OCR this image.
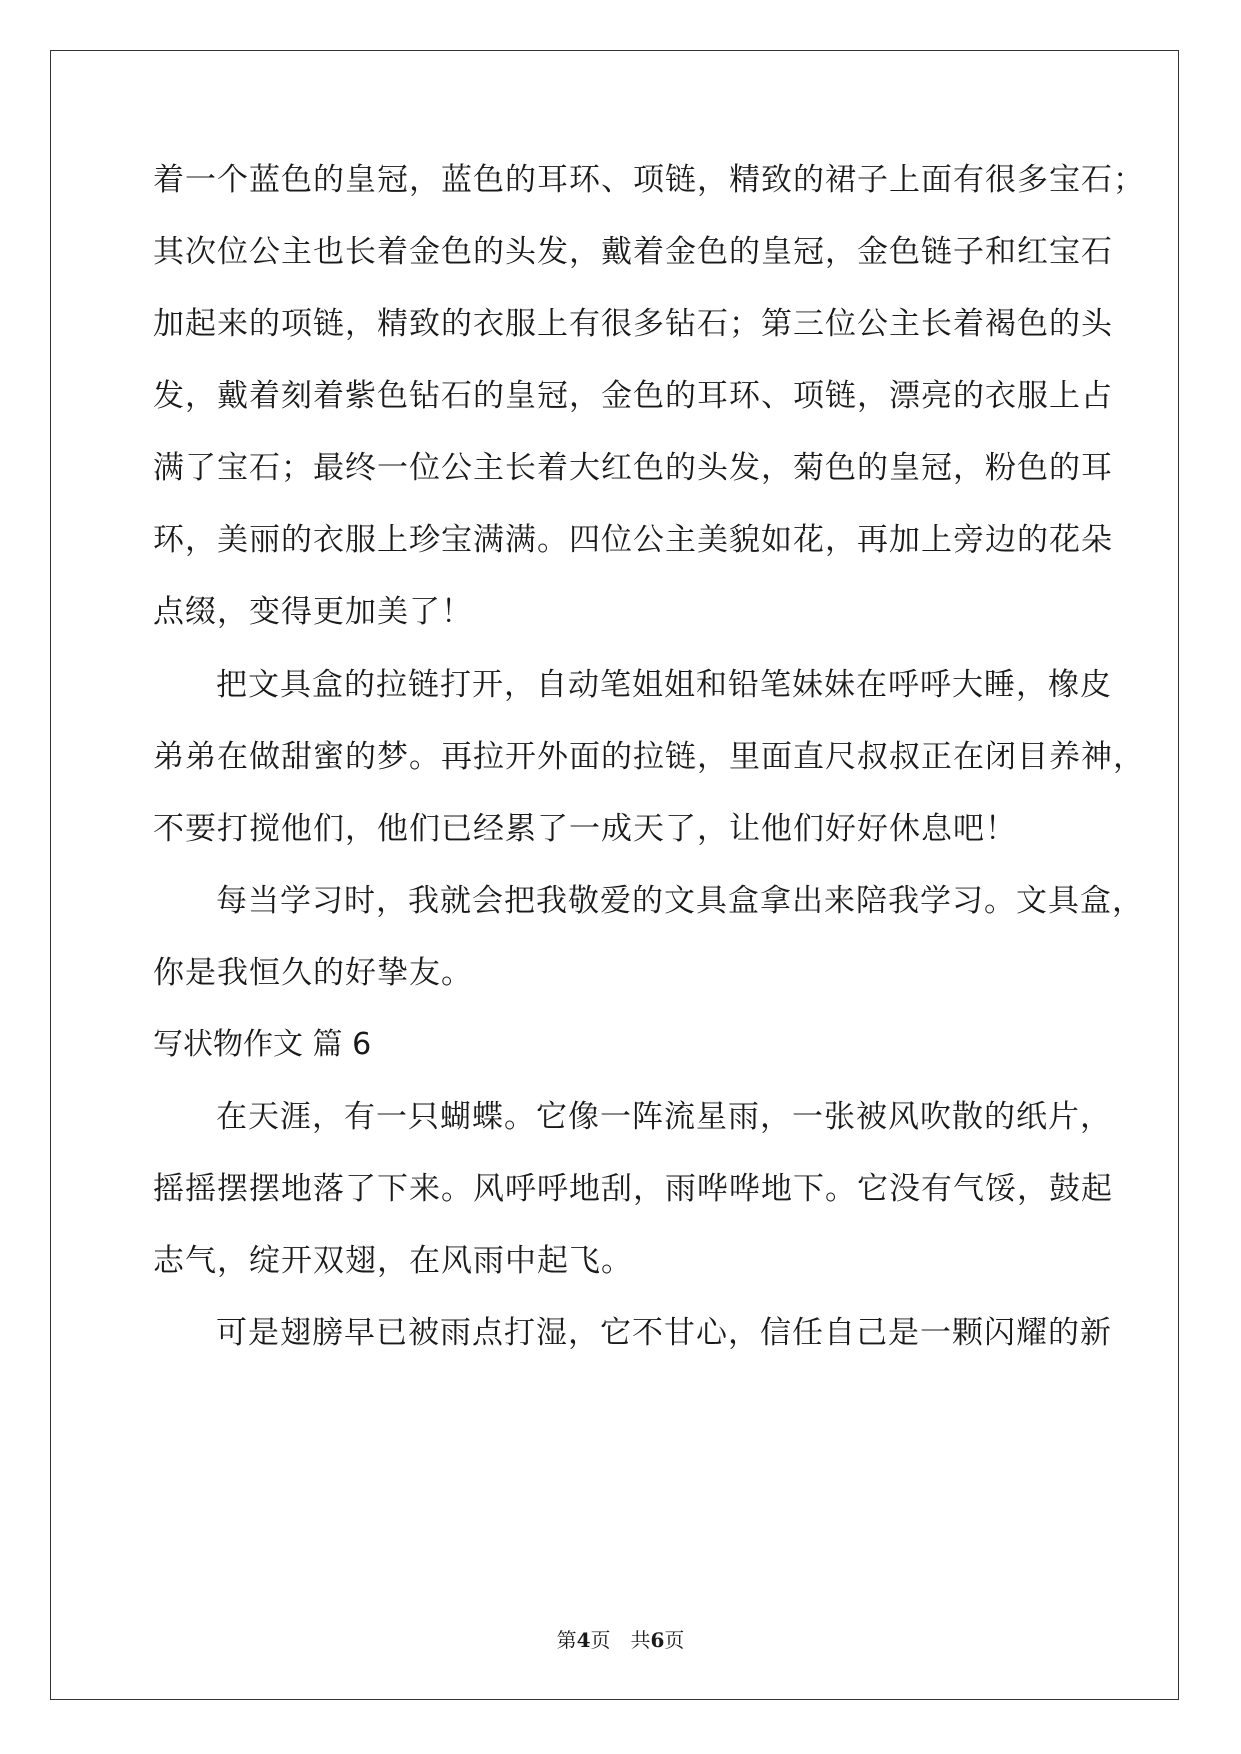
着一个蓝色的皇冠，蓝色的耳环、项链，精致的裙子上面有很多宝石；
其次位公主也长着金色的头发，戴着金色的皇冠，金色链子和红宝石
加起来的项链，精致的衣服上有很多钻石；第三位公主长着褐色的头
发，戴着刻着紫色钻石的皇冠，金色的耳环、项链，漂亮的衣服上占
满了宝石；最终一位公主长着大红色的头发，菊色的皇冠，粉色的耳
环，美丽的衣服上珍宝满满。四位公主美貌如花，再加上旁边的花朵
点缀，变得更加美了！
把文具盒的拉链打开，自动笔姐姐和铅笔妹妹在呼呼大睡，橡皮
弟弟在做甜蜜的梦。再拉开外面的拉链，里面直尺叔叔正在闭目养神，
不要打搅他们，他们已经累了一成天了，让他们好好休息吧！
每当学习时，我就会把我敬爱的文具盒拿出来陪我学习。文具盒，
你是我恒久的好挚友。
写状物作文 篇 6
在天涯，有一只蝴蝶。它像一阵流星雨，一张被风吹散的纸片，
摇摇摆摆地落了下来。风呼呼地刮，雨哗哗地下。它没有气馁，鼓起
志气，绽开双翅，在风雨中起飞。
可是翅膀早已被雨点打湿，它不甘心，信任自己是一颗闪耀的新
第4页 共6页
